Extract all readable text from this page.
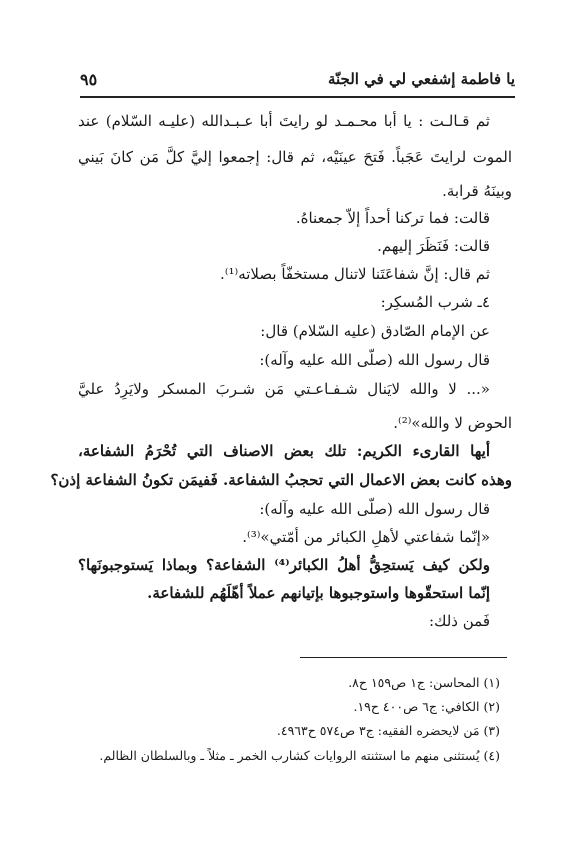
يا فاطمة إشفعي لي في الجنّة
٩٥
ثم قـالـت : يا أبا محـمـد لو رايتَ أبا عـبـدالله (عليـه السّلام) عند
الموت لرايتَ عَجَباً. فَتحَ عينَيْه، ثم قال: إجمعوا إليَّ كلَّ مَن كانَ بَيني
وبينَهُ قرابة.
قالت: فما تركنا أحداً إلاّ جمعناهُ.
قالت: فَنَظَرَ إليهم.
ثم قال: إنَّ شفاعَتَنا لاتنال مستخفّاً بصلاته⁽¹⁾.
٤ـ شرب المُسكِر:
عن الإمام الصّادق (عليه السّلام) قال:
قال رسول الله (صلّى الله عليه وآله):
«... لا والله لايَنال شـفـاعـتي مَن شـربَ المسكر ولايَرِدُ عليَّ
الحوض لا والله»⁽²⁾.
أيها القارىء الكريم: تلك بعض الاصناف التي تُحْرَمُ الشفاعة،
وهذه كانت بعض الاعمال التي تحجبُ الشفاعة. فَفيمَن تكونُ الشفاعة إذن؟
قال رسول الله (صلّى الله عليه وآله):
«إنّما شفاعتي لأهلِ الكبائر من أمّتي»⁽³⁾.
ولكن كيف يَستحِقُّ أهلُ الكبائر⁽⁴⁾ الشفاعة؟ وبماذا يَستوجبونَها؟
إنّما استحقّوها واستوجبوها بإتيانهم عملاً أهّلَهُم للشفاعة.
فَمن ذلك:
(١) المحاسن: ج١ ص١٥٩ ح٨.
(٢) الكافي: ج٦ ص٤٠٠ ح١٩.
(٣) مَن لايحضره الفقيه: ج٣ ص٥٧٤ ح٤٩٦٣.
(٤) يُستثنى منهم ما استثنته الروايات كشارب الخمر ـ مثلاً ـ وبالسلطان الظالم.
